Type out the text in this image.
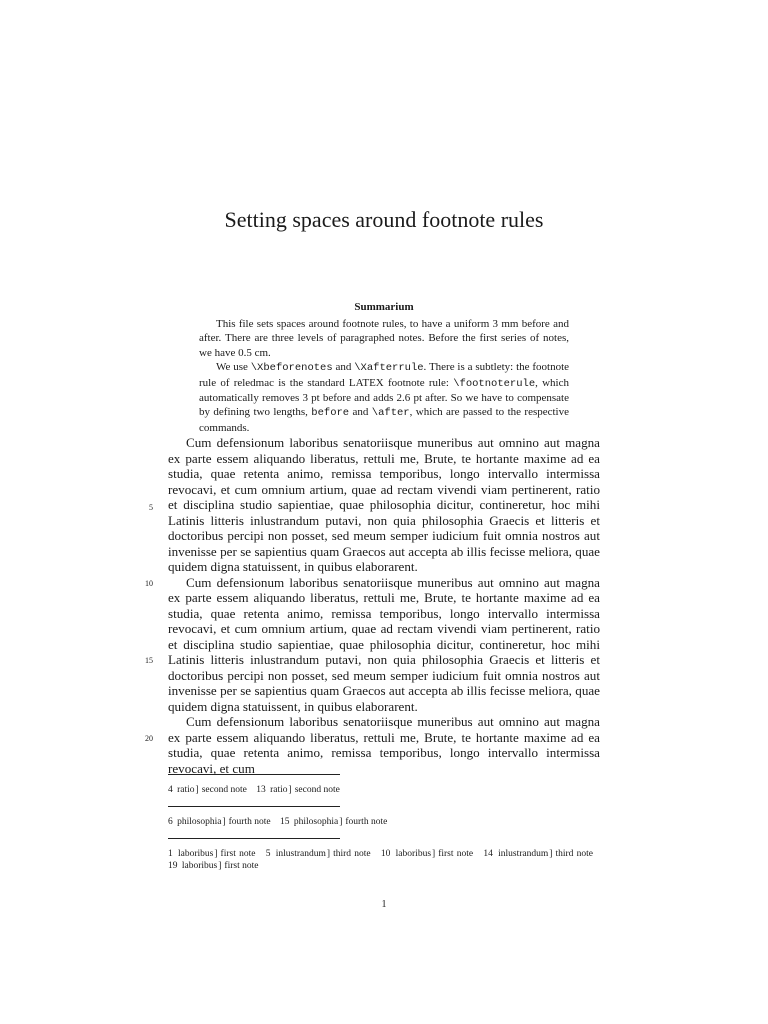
Setting spaces around footnote rules
Summarium

This file sets spaces around footnote rules, to have a uniform 3 mm before and after. There are three levels of paragraphed notes. Before the first series of notes, we have 0.5 cm.

We use \Xbeforenotes and \Xafterrule. There is a subtlety: the footnote rule of reledmac is the standard LATEX footnote rule: \footnoterule, which automatically removes 3 pt before and adds 2.6 pt after. So we have to compensate by defining two lengths, before and \after, which are passed to the respective commands.

Cum defensionum laboribus senatoriisque muneribus aut omnino aut magna ex parte essem aliquando liberatus, rettuli me, Brute, te hortante maxime ad ea studia, quae retenta animo, remissa temporibus, longo intervallo intermissa revocavi, et cum omnium artium, quae ad rectam vivendi viam pertinerent, ratio et disciplina studio sapientiae, quae philosophia dicitur, contineretur, hoc mihi Latinis litteris inlustrandum putavi, non quia philosophia Graecis et litteris et doctoribus percipi non posset, sed meum semper iudicium fuit omnia nostros aut invenisse per se sapientius quam Graecos aut accepta ab illis fecisse meliora, quae quidem digna statuissent, in quibus elaborarent.

Cum defensionum laboribus senatoriisque muneribus aut omnino aut magna ex parte essem aliquando liberatus, rettuli me, Brute, te hortante maxime ad ea studia, quae retenta animo, remissa temporibus, longo intervallo intermissa revocavi, et cum omnium artium, quae ad rectam vivendi viam pertinerent, ratio et disciplina studio sapientiae, quae philosophia dicitur, contineretur, hoc mihi Latinis litteris inlustrandum putavi, non quia philosophia Graecis et litteris et doctoribus percipi non posset, sed meum semper iudicium fuit omnia nostros aut invenisse per se sapientius quam Graecos aut accepta ab illis fecisse meliora, quae quidem digna statuissent, in quibus elaborarent.

Cum defensionum laboribus senatoriisque muneribus aut omnino aut magna ex parte essem aliquando liberatus, rettuli me, Brute, te hortante maxime ad ea studia, quae retenta animo, remissa temporibus, longo intervallo intermissa revocavi, et cum

5
10
15
20
4 ratio] second note 13 ratio] second note
6 philosophia] fourth note 15 philosophia] fourth note
1 laboribus] first note 5 inlustrandum] third note 10 laboribus] first note 14 inlustrandum] third note 19 laboribus] first note
1
